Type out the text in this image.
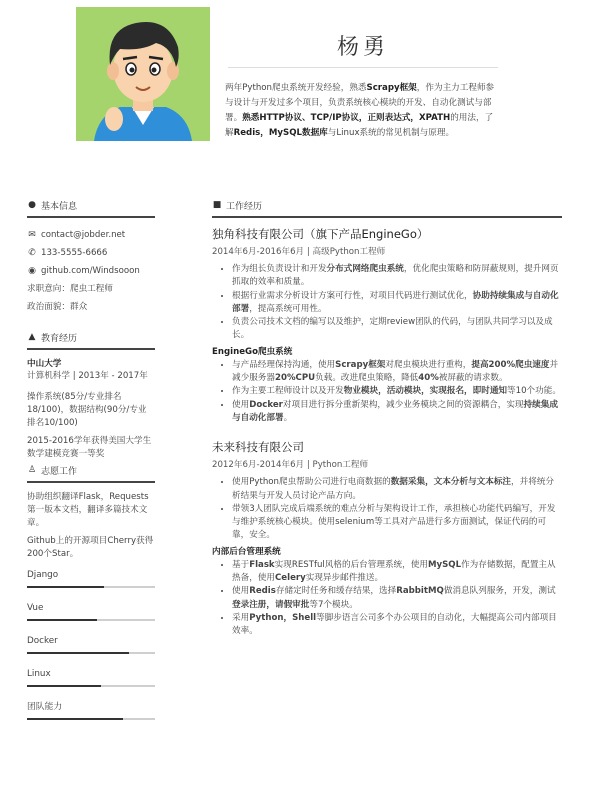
杨勇
两年Python爬虫系统开发经验，熟悉Scrapy框架，作为主力工程师参与设计与开发过多个项目，负责系统核心模块的开发、自动化测试与部署。熟悉HTTP协议、TCP/IP协议，正则表达式，XPATH的用法，了解Redis，MySQL数据库与Linux系统的常见机制与原理。
● 基本信息
✉ contact@jobder.net
✆ 133-5555-6666
◉ github.com/Windsooon
求职意向：爬虫工程师
政治面貌：群众
▲ 教育经历
中山大学
计算机科学 | 2013年 - 2017年
操作系统(85分/专业排名18/100)，数据结构(90分/专业排名10/100)
2015-2016学年获得美国大学生数学建模竞赛一等奖
♙ 志愿工作
协助组织翻译Flask，Requests第一版本文档，翻译多篇技术文章。
Github上的开源项目Cherry获得200个Star。
Django
Vue
Docker
Linux
团队能力
■ 工作经历
独角科技有限公司（旗下产品EngineGo）
2014年6月-2016年6月 | 高级Python工程师
• 作为组长负责设计和开发分布式网络爬虫系统，优化爬虫策略和防屏蔽规则，提升网页抓取的效率和质量。
• 根据行业需求分析设计方案可行性，对项目代码进行测试优化，协助持续集成与自动化部署，提高系统可用性。
• 负责公司技术文档的编写以及维护，定期review团队的代码，与团队共同学习以及成长。
EngineGo爬虫系统
• 与产品经理保持沟通，使用Scrapy框架对爬虫模块进行重构，提高200%爬虫速度并减少服务器20%CPU负载。改进爬虫策略，降低40%被屏蔽的请求数。
• 作为主要工程师设计以及开发物业模块，活动模块，实现报名，即时通知等10个功能。
• 使用Docker对项目进行拆分重新架构，减少业务模块之间的资源耦合，实现持续集成与自动化部署。
未来科技有限公司
2012年6月-2014年6月 | Python工程师
• 使用Python爬虫帮助公司进行电商数据的数据采集，文本分析与文本标注，并将统分析结果与开发人员讨论产品方向。
• 带领3人团队完成后端系统的难点分析与架构设计工作，承担核心功能代码编写，开发与维护系统核心模块。使用selenium等工具对产品进行多方面测试，保证代码的可靠，安全。
内部后台管理系统
• 基于Flask实现RESTful风格的后台管理系统，使用MySQL作为存储数据，配置主从热备，使用Celery实现异步邮件推送。
• 使用Redis存储定时任务和缓存结果，选择RabbitMQ做消息队列服务，开发，测试登录注册，请假审批等7个模块。
• 采用Python，Shell等脚步语言公司多个办公项目的自动化，大幅提高公司内部项目效率。
